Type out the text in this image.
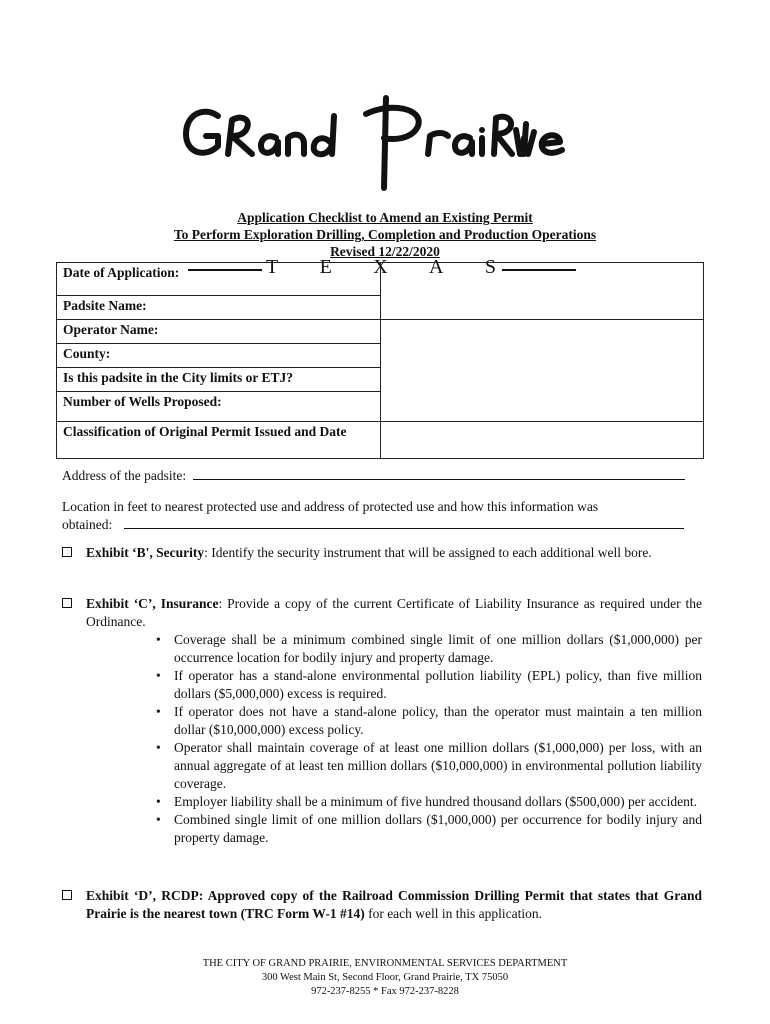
T E X A S
Application Checklist to Amend an Existing Permit
To Perform Exploration Drilling, Completion and Production Operations
Revised 12/22/2020
Date of Application:	
Padsite Name:	
Operator Name:	
County:	
Is this padsite in the City limits or ETJ?	
Number of Wells Proposed:	
Classification of Original Permit Issued and Date	
Address of the padsite:
Location in feet to nearest protected use and address of protected use and how this information was
obtained:
Exhibit ‘B', Security: Identify the security instrument that will be assigned to each additional well bore.
Exhibit ‘C’, Insurance: Provide a copy of the current Certificate of Liability Insurance as required under the Ordinance.
• Coverage shall be a minimum combined single limit of one million dollars ($1,000,000) per occurrence location for bodily injury and property damage.
• If operator has a stand-alone environmental pollution liability (EPL) policy, than five million dollars ($5,000,000) excess is required.
• If operator does not have a stand-alone policy, than the operator must maintain a ten million dollar ($10,000,000) excess policy.
• Operator shall maintain coverage of at least one million dollars ($1,000,000) per loss, with an annual aggregate of at least ten million dollars ($10,000,000) in environmental pollution liability coverage.
• Employer liability shall be a minimum of five hundred thousand dollars ($500,000) per accident.
• Combined single limit of one million dollars ($1,000,000) per occurrence for bodily injury and property damage.
Exhibit ‘D’, RCDP: Approved copy of the Railroad Commission Drilling Permit that states that Grand Prairie is the nearest town (TRC Form W-1 #14) for each well in this application.
THE CITY OF GRAND PRAIRIE, ENVIRONMENTAL SERVICES DEPARTMENT
300 West Main St, Second Floor, Grand Prairie, TX 75050
972-237-8255 * Fax 972-237-8228
